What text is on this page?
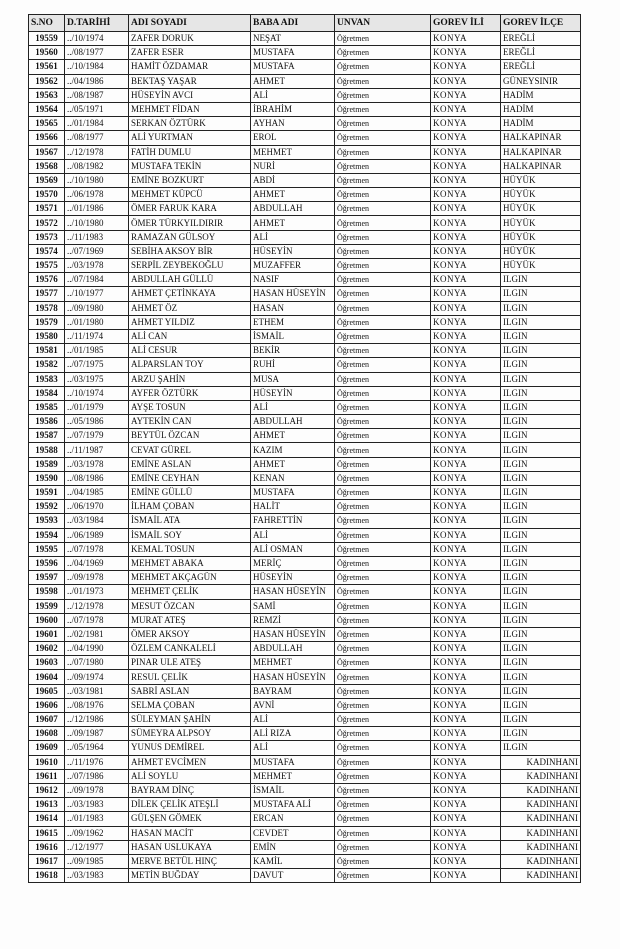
S.NO	D.TARİHİ	ADI SOYADI	BABA ADI	UNVAN	GOREV İLİ	GOREV İLÇE
19559	../10/1974	ZAFER DORUK	NEŞAT	Öğretmen	KONYA	EREĞLİ
19560	../08/1977	ZAFER ESER	MUSTAFA	Öğretmen	KONYA	EREĞLİ
19561	../10/1984	HAMİT ÖZDAMAR	MUSTAFA	Öğretmen	KONYA	EREĞLİ
19562	../04/1986	BEKTAŞ YAŞAR	AHMET	Öğretmen	KONYA	GÜNEYSINIR
19563	../08/1987	HÜSEYİN AVCI	ALİ	Öğretmen	KONYA	HADİM
19564	../05/1971	MEHMET FİDAN	İBRAHİM	Öğretmen	KONYA	HADİM
19565	../01/1984	SERKAN ÖZTÜRK	AYHAN	Öğretmen	KONYA	HADİM
19566	../08/1977	ALİ YURTMAN	EROL	Öğretmen	KONYA	HALKAPINAR
19567	../12/1978	FATİH DUMLU	MEHMET	Öğretmen	KONYA	HALKAPINAR
19568	../08/1982	MUSTAFA TEKİN	NURİ	Öğretmen	KONYA	HALKAPINAR
19569	../10/1980	EMİNE BOZKURT	ABDİ	Öğretmen	KONYA	HÜYÜK
19570	../06/1978	MEHMET KÜPCÜ	AHMET	Öğretmen	KONYA	HÜYÜK
19571	../01/1986	ÖMER FARUK KARA	ABDULLAH	Öğretmen	KONYA	HÜYÜK
19572	../10/1980	ÖMER TÜRKYILDIRIR	AHMET	Öğretmen	KONYA	HÜYÜK
19573	../11/1983	RAMAZAN GÜLSOY	ALİ	Öğretmen	KONYA	HÜYÜK
19574	../07/1969	SEBİHA AKSOY BİR	HÜSEYİN	Öğretmen	KONYA	HÜYÜK
19575	../03/1978	SERPİL ZEYBEKOĞLU	MUZAFFER	Öğretmen	KONYA	HÜYÜK
19576	../07/1984	ABDULLAH GÜLLÜ	NASIF	Öğretmen	KONYA	ILGIN
19577	../10/1977	AHMET ÇETİNKAYA	HASAN HÜSEYİN	Öğretmen	KONYA	ILGIN
19578	../09/1980	AHMET ÖZ	HASAN	Öğretmen	KONYA	ILGIN
19579	../01/1980	AHMET YILDIZ	ETHEM	Öğretmen	KONYA	ILGIN
19580	../11/1974	ALİ CAN	İSMAİL	Öğretmen	KONYA	ILGIN
19581	../01/1985	ALİ CESUR	BEKİR	Öğretmen	KONYA	ILGIN
19582	../07/1975	ALPARSLAN TOY	RUHİ	Öğretmen	KONYA	ILGIN
19583	../03/1975	ARZU ŞAHİN	MUSA	Öğretmen	KONYA	ILGIN
19584	../10/1974	AYFER ÖZTÜRK	HÜSEYİN	Öğretmen	KONYA	ILGIN
19585	../01/1979	AYŞE TOSUN	ALİ	Öğretmen	KONYA	ILGIN
19586	../05/1986	AYTEKİN CAN	ABDULLAH	Öğretmen	KONYA	ILGIN
19587	../07/1979	BEYTÜL ÖZCAN	AHMET	Öğretmen	KONYA	ILGIN
19588	../11/1987	CEVAT GÜREL	KAZIM	Öğretmen	KONYA	ILGIN
19589	../03/1978	EMİNE ASLAN	AHMET	Öğretmen	KONYA	ILGIN
19590	../08/1986	EMİNE CEYHAN	KENAN	Öğretmen	KONYA	ILGIN
19591	../04/1985	EMİNE GÜLLÜ	MUSTAFA	Öğretmen	KONYA	ILGIN
19592	../06/1970	İLHAM ÇOBAN	HALİT	Öğretmen	KONYA	ILGIN
19593	../03/1984	İSMAİL ATA	FAHRETTİN	Öğretmen	KONYA	ILGIN
19594	../06/1989	İSMAİL SOY	ALİ	Öğretmen	KONYA	ILGIN
19595	../07/1978	KEMAL TOSUN	ALİ OSMAN	Öğretmen	KONYA	ILGIN
19596	../04/1969	MEHMET ABAKA	MERİÇ	Öğretmen	KONYA	ILGIN
19597	../09/1978	MEHMET AKÇAGÜN	HÜSEYİN	Öğretmen	KONYA	ILGIN
19598	../01/1973	MEHMET ÇELİK	HASAN HÜSEYİN	Öğretmen	KONYA	ILGIN
19599	../12/1978	MESUT ÖZCAN	SAMİ	Öğretmen	KONYA	ILGIN
19600	../07/1978	MURAT ATEŞ	REMZİ	Öğretmen	KONYA	ILGIN
19601	../02/1981	ÖMER AKSOY	HASAN HÜSEYİN	Öğretmen	KONYA	ILGIN
19602	../04/1990	ÖZLEM CANKALELİ	ABDULLAH	Öğretmen	KONYA	ILGIN
19603	../07/1980	PINAR ULE ATEŞ	MEHMET	Öğretmen	KONYA	ILGIN
19604	../09/1974	RESUL ÇELİK	HASAN HÜSEYİN	Öğretmen	KONYA	ILGIN
19605	../03/1981	SABRİ ASLAN	BAYRAM	Öğretmen	KONYA	ILGIN
19606	../08/1976	SELMA ÇOBAN	AVNİ	Öğretmen	KONYA	ILGIN
19607	../12/1986	SÜLEYMAN ŞAHİN	ALİ	Öğretmen	KONYA	ILGIN
19608	../09/1987	SÜMEYRA ALPSOY	ALİ RIZA	Öğretmen	KONYA	ILGIN
19609	../05/1964	YUNUS DEMİREL	ALİ	Öğretmen	KONYA	ILGIN
19610	../11/1976	AHMET EVCİMEN	MUSTAFA	Öğretmen	KONYA	KADINHANI
19611	../07/1986	ALİ SOYLU	MEHMET	Öğretmen	KONYA	KADINHANI
19612	../09/1978	BAYRAM DİNÇ	İSMAİL	Öğretmen	KONYA	KADINHANI
19613	../03/1983	DİLEK ÇELİK ATEŞLİ	MUSTAFA ALİ	Öğretmen	KONYA	KADINHANI
19614	../01/1983	GÜLŞEN GÖMEK	ERCAN	Öğretmen	KONYA	KADINHANI
19615	../09/1962	HASAN MACİT	CEVDET	Öğretmen	KONYA	KADINHANI
19616	../12/1977	HASAN USLUKAYA	EMİN	Öğretmen	KONYA	KADINHANI
19617	../09/1985	MERVE BETÜL HINÇ	KAMİL	Öğretmen	KONYA	KADINHANI
19618	../03/1983	METİN BUĞDAY	DAVUT	Öğretmen	KONYA	KADINHANI
